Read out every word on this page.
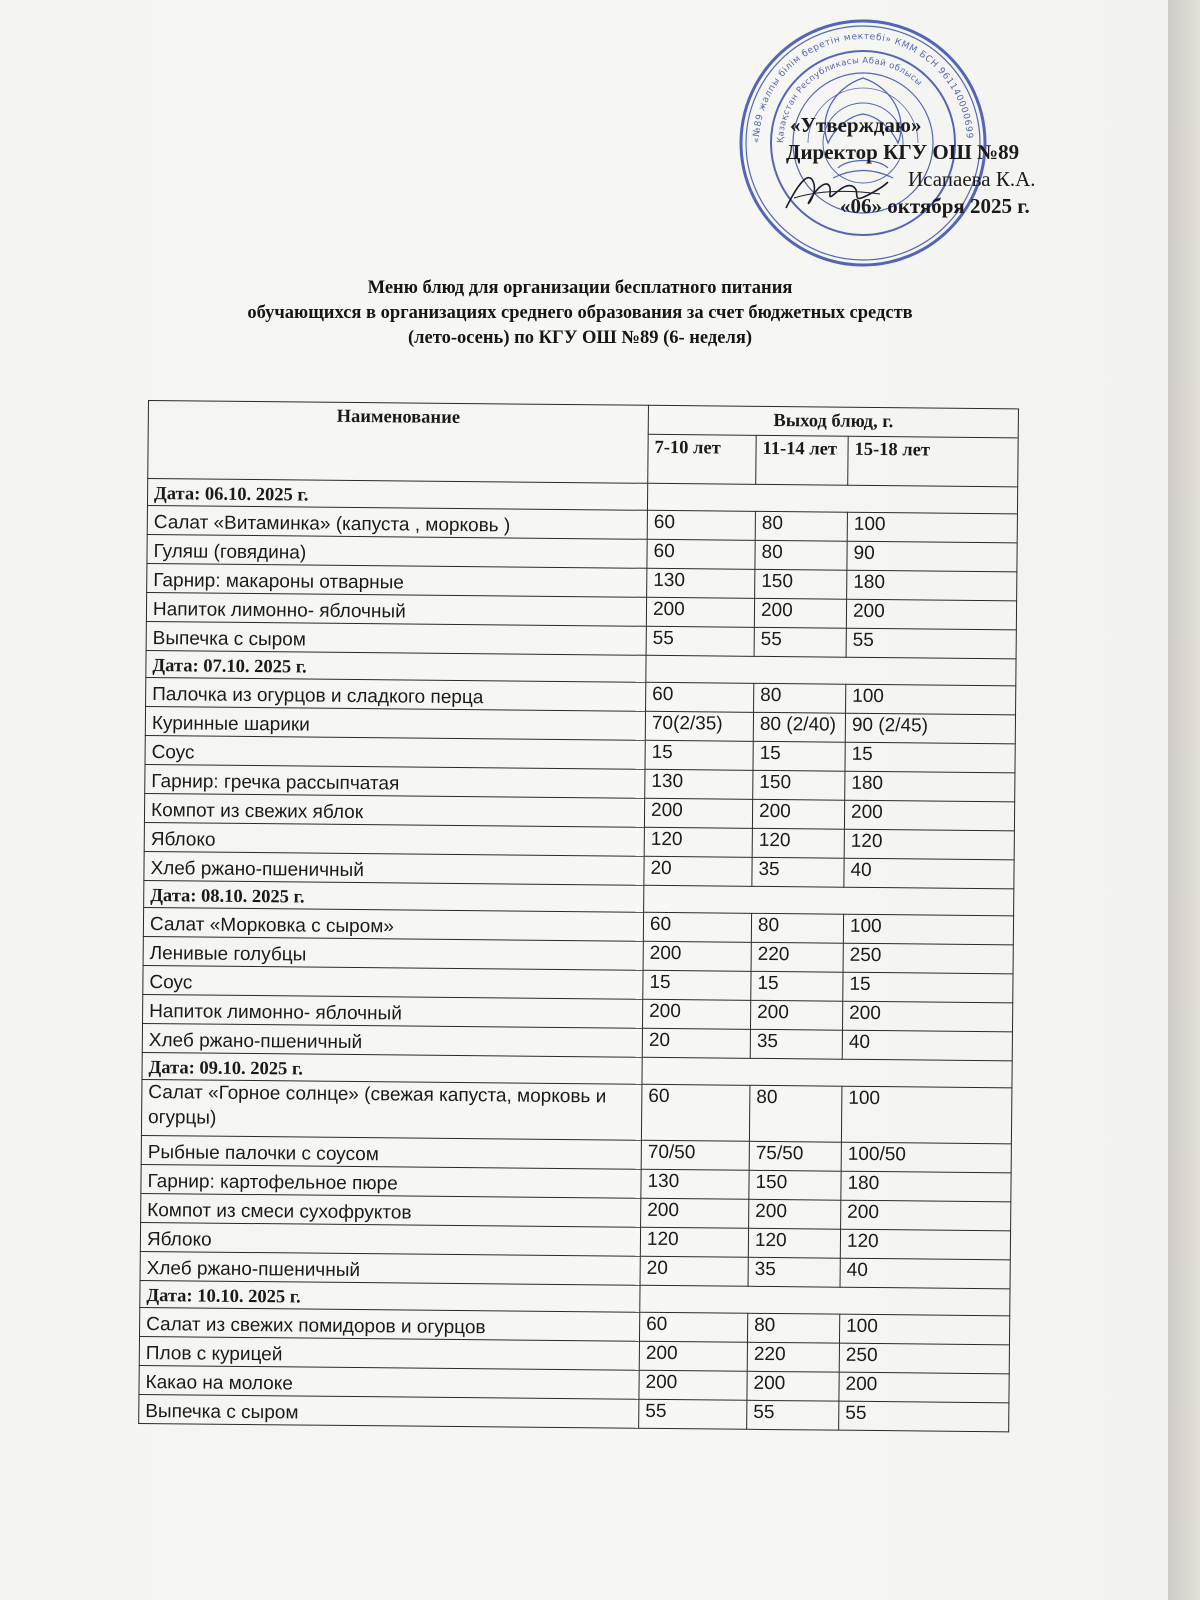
«№89 жалпы білім беретін мектебі» КММ БСН 961140000699
Қазақстан Республикасы Абай облысы
«Утверждаю»
Директор КГУ ОШ №89
Исапаева К.А.
«06» октября 2025 г.
Меню блюд для организации бесплатного питания
обучающихся в организациях среднего образования за счет бюджетных средств
(лето-осень) по КГУ ОШ №89 (6- неделя)
Наименование	Выход блюд, г.		
	7-10 лет	11-14 лет	15-18 лет
Дата: 06.10. 2025 г.			
Салат «Витаминка» (капуста , морковь )	60	80	100
Гуляш (говядина)	60	80	90
Гарнир: макароны отварные	130	150	180
Напиток лимонно- яблочный	200	200	200
Выпечка с сыром	55	55	55
Дата: 07.10. 2025 г.			
Палочка из огурцов и сладкого перца	60	80	100
Куринные шарики	70(2/35)	80 (2/40)	90 (2/45)
Соус	15	15	15
Гарнир: гречка рассыпчатая	130	150	180
Компот из свежих яблок	200	200	200
Яблоко	120	120	120
Хлеб ржано-пшеничный	20	35	40
Дата: 08.10. 2025 г.			
Салат «Морковка с сыром»	60	80	100
Ленивые голубцы	200	220	250
Соус	15	15	15
Напиток лимонно- яблочный	200	200	200
Хлеб ржано-пшеничный	20	35	40
Дата: 09.10. 2025 г.			
Салат «Горное солнце» (свежая капуста, морковь и огурцы)	60	80	100
Рыбные палочки с соусом	70/50	75/50	100/50
Гарнир: картофельное пюре	130	150	180
Компот из смеси сухофруктов	200	200	200
Яблоко	120	120	120
Хлеб ржано-пшеничный	20	35	40
Дата: 10.10. 2025 г.			
Салат из свежих помидоров и огурцов	60	80	100
Плов с курицей	200	220	250
Какао на молоке	200	200	200
Выпечка с сыром	55	55	55
